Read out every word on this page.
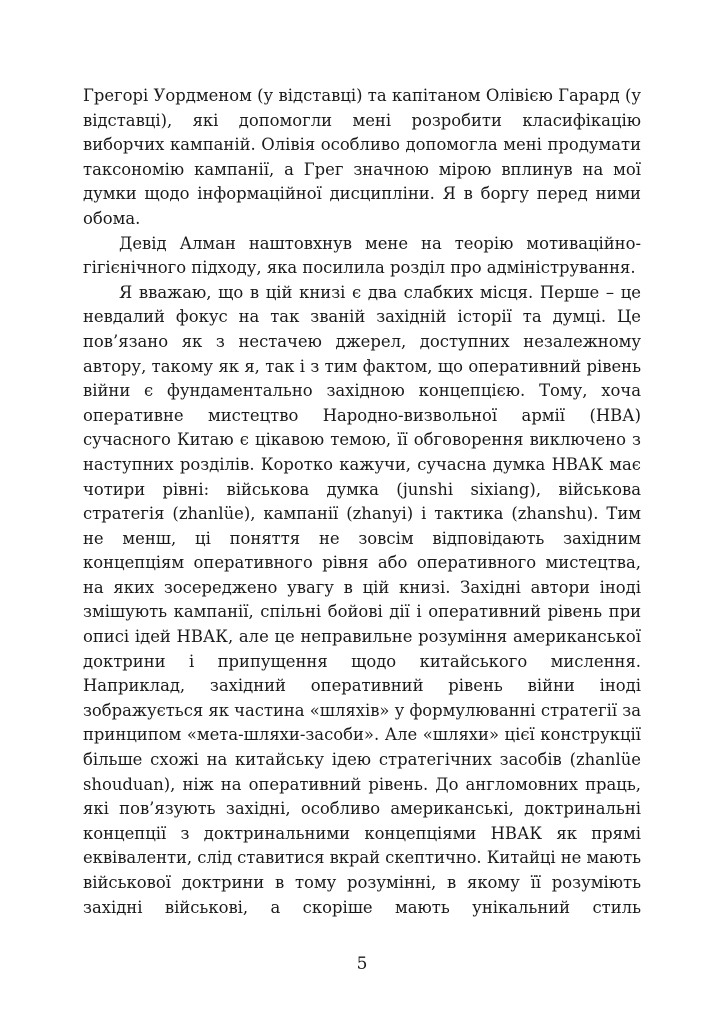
Грегорі Уордменом (у відставці) та капітаном Олівією Гарард (у
відставці), які допомогли мені розробити класифікацію
виборчих кампаній. Олівія особливо допомогла мені продумати
таксономію кампанії, а Грег значною мірою вплинув на мої
думки щодо інформаційної дисципліни. Я в боргу перед ними
обома.
Девід Алман наштовхнув мене на теорію мотиваційно-
гігієнічного підходу, яка посилила розділ про адміністрування.
Я вважаю, що в цій книзі є два слабких місця. Перше – це
невдалий фокус на так званій західній історії та думці. Це
пов’язано як з нестачею джерел, доступних незалежному
автору, такому як я, так і з тим фактом, що оперативний рівень
війни є фундаментально західною концепцією. Тому, хоча
оперативне мистецтво Народно-визвольної армії (НВА)
сучасного Китаю є цікавою темою, її обговорення виключено з
наступних розділів. Коротко кажучи, сучасна думка НВАК має
чотири рівні: військова думка (junshi sixiang), військова
стратегія (zhanlüe), кампанії (zhanyi) і тактика (zhanshu). Тим
не менш, ці поняття не зовсім відповідають західним
концепціям оперативного рівня або оперативного мистецтва,
на яких зосереджено увагу в цій книзі. Західні автори іноді
змішують кампанії, спільні бойові дії і оперативний рівень при
описі ідей НВАК, але це неправильне розуміння американської
доктрини і припущення щодо китайського мислення.
Наприклад, західний оперативний рівень війни іноді
зображується як частина «шляхів» у формулюванні стратегії за
принципом «мета-шляхи-засоби». Але «шляхи» цієї конструкції
більше схожі на китайську ідею стратегічних засобів (zhanlüe
shouduan), ніж на оперативний рівень. До англомовних праць,
які пов’язують західні, особливо американські, доктринальні
концепції з доктринальними концепціями НВАК як прямі
еквіваленти, слід ставитися вкрай скептично. Китайці не мають
військової доктрини в тому розумінні, в якому її розуміють
західні військові, а скоріше мають унікальний стиль
5
